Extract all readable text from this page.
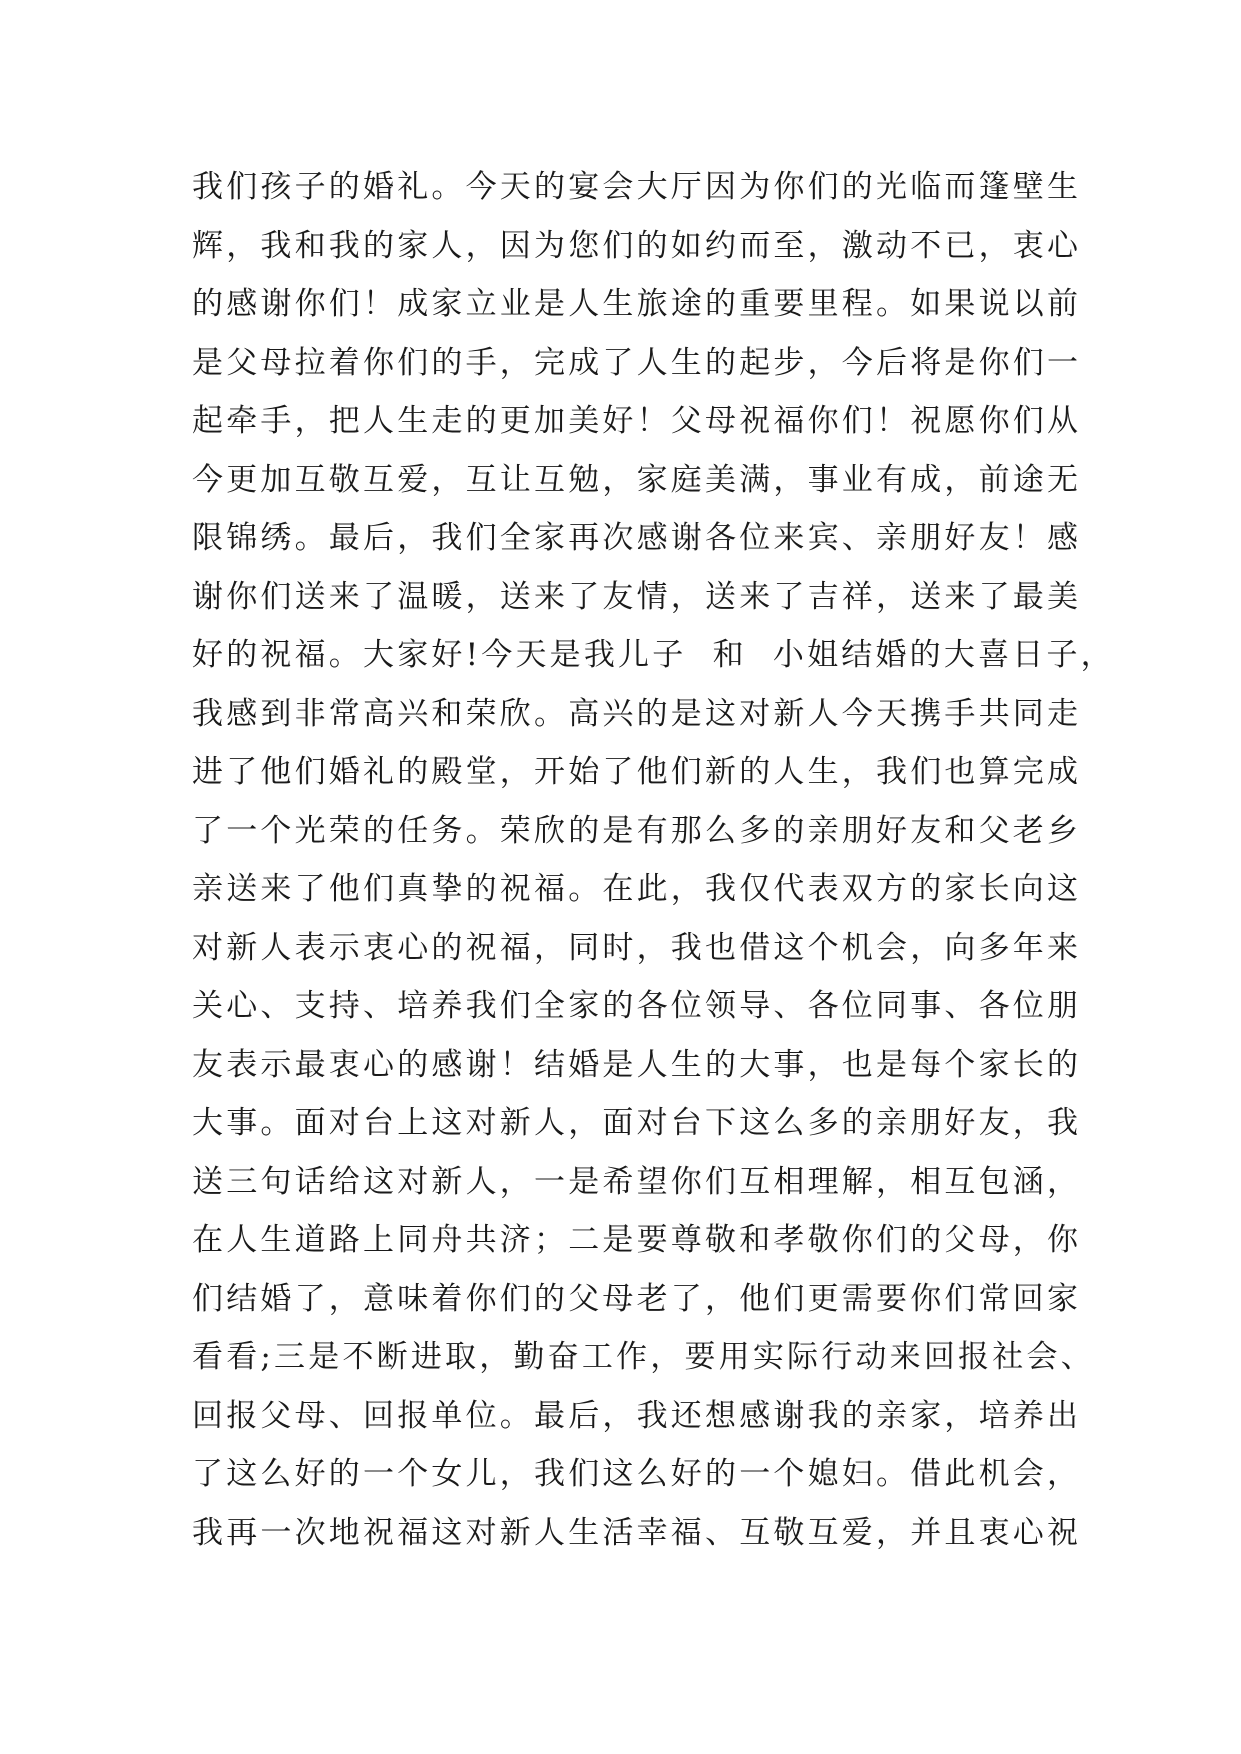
我们孩子的婚礼。今天的宴会大厅因为你们的光临而篷壁生
辉，我和我的家人，因为您们的如约而至，激动不已，衷心
的感谢你们！成家立业是人生旅途的重要里程。如果说以前
是父母拉着你们的手，完成了人生的起步，今后将是你们一
起牵手，把人生走的更加美好！父母祝福你们！祝愿你们从
今更加互敬互爱，互让互勉，家庭美满，事业有成，前途无
限锦绣。最后，我们全家再次感谢各位来宾、亲朋好友！感
谢你们送来了温暖，送来了友情，送来了吉祥，送来了最美
好的祝福。大家好!今天是我儿子  和  小姐结婚的大喜日子，
我感到非常高兴和荣欣。高兴的是这对新人今天携手共同走
进了他们婚礼的殿堂，开始了他们新的人生，我们也算完成
了一个光荣的任务。荣欣的是有那么多的亲朋好友和父老乡
亲送来了他们真挚的祝福。在此，我仅代表双方的家长向这
对新人表示衷心的祝福，同时，我也借这个机会，向多年来
关心、支持、培养我们全家的各位领导、各位同事、各位朋
友表示最衷心的感谢！结婚是人生的大事，也是每个家长的
大事。面对台上这对新人，面对台下这么多的亲朋好友，我
送三句话给这对新人，一是希望你们互相理解，相互包涵，
在人生道路上同舟共济；二是要尊敬和孝敬你们的父母，你
们结婚了，意味着你们的父母老了，他们更需要你们常回家
看看;三是不断进取，勤奋工作，要用实际行动来回报社会、
回报父母、回报单位。最后，我还想感谢我的亲家，培养出
了这么好的一个女儿，我们这么好的一个媳妇。借此机会，
我再一次地祝福这对新人生活幸福、互敬互爱，并且衷心祝
